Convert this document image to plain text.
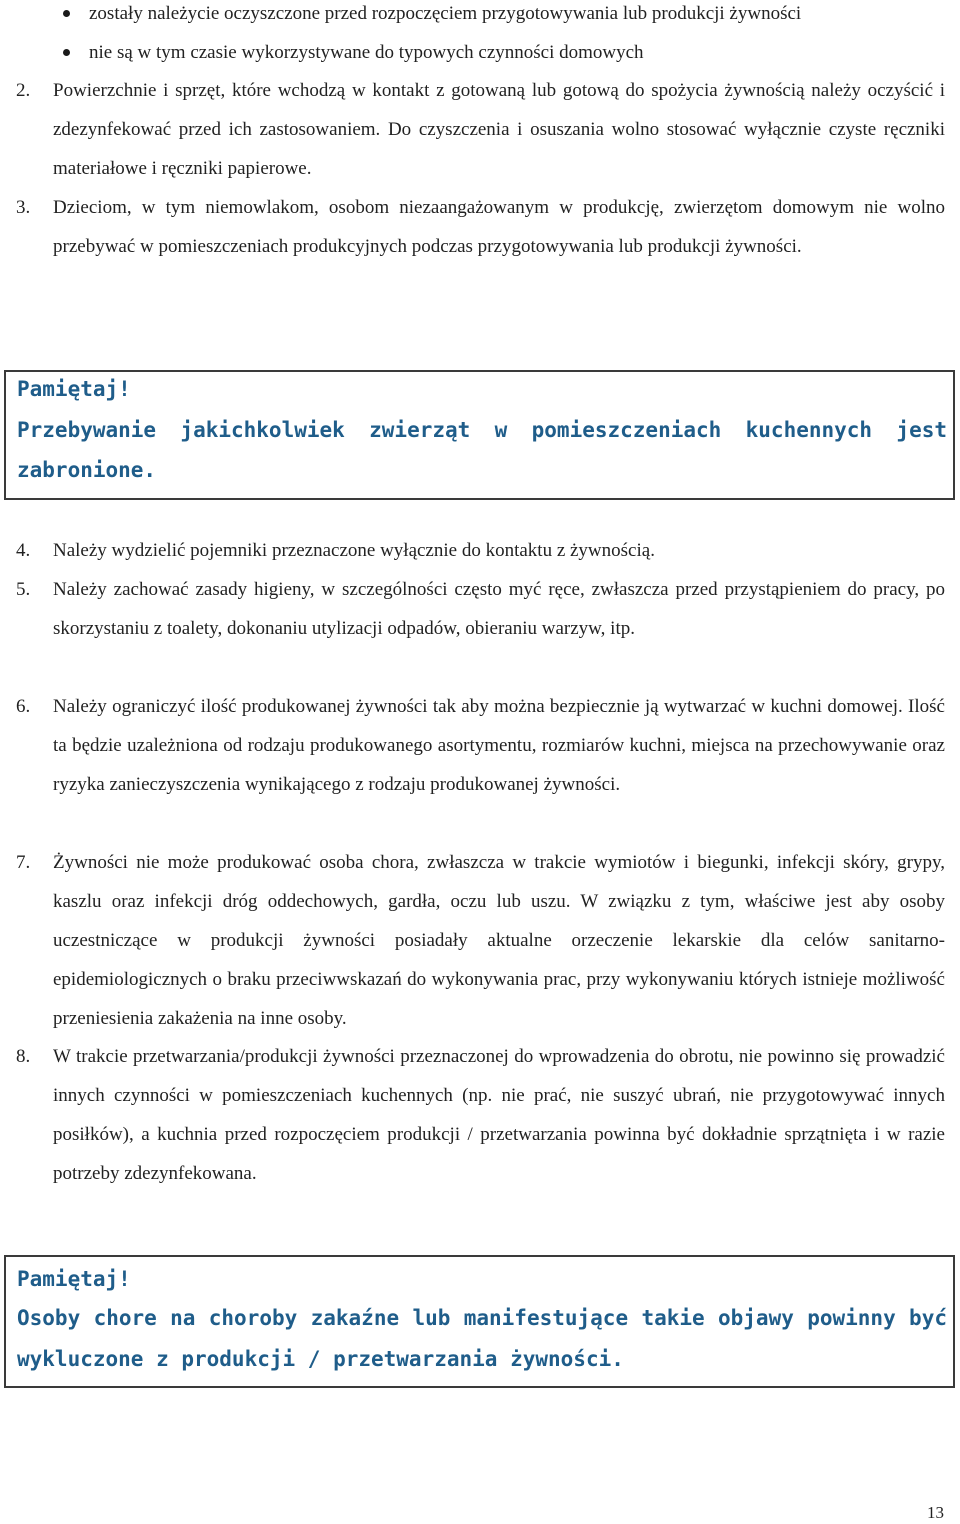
zostały należycie oczyszczone przed rozpoczęciem przygotowywania lub produkcji żywności
nie są w tym czasie wykorzystywane do typowych czynności domowych
2. Powierzchnie i sprzęt, które wchodzą w kontakt z gotowaną lub gotową do spożycia żywnością należy oczyścić i zdezynfekować przed ich zastosowaniem. Do czyszczenia i osuszania wolno stosować wyłącznie czyste ręczniki materiałowe i ręczniki papierowe.
3. Dzieciom, w tym niemowlakom, osobom niezaangażowanym w produkcję, zwierzętom domowym nie wolno przebywać w pomieszczeniach produkcyjnych podczas przygotowywania lub produkcji żywności.
Pamiętaj!
Przebywanie jakichkolwiek zwierząt w pomieszczeniach kuchennych jest zabronione.
4. Należy wydzielić pojemniki przeznaczone wyłącznie do kontaktu z żywnością.
5. Należy zachować zasady higieny, w szczególności często myć ręce, zwłaszcza przed przystąpieniem do pracy, po skorzystaniu z toalety, dokonaniu utylizacji odpadów, obieraniu warzyw, itp.
6. Należy ograniczyć ilość produkowanej żywności tak aby można bezpiecznie ją wytwarzać w kuchni domowej. Ilość ta będzie uzależniona od rodzaju produkowanego asortymentu, rozmiarów kuchni, miejsca na przechowywanie oraz ryzyka zanieczyszczenia wynikającego z rodzaju produkowanej żywności.
7. Żywności nie może produkować osoba chora, zwłaszcza w trakcie wymiotów i biegunki, infekcji skóry, grypy, kaszlu oraz infekcji dróg oddechowych, gardła, oczu lub uszu. W związku z tym, właściwe jest aby osoby uczestniczące w produkcji żywności posiadały aktualne orzeczenie lekarskie dla celów sanitarno- epidemiologicznych o braku przeciwwskazań do wykonywania prac, przy wykonywaniu których istnieje możliwość przeniesienia zakażenia na inne osoby.
8. W trakcie przetwarzania/produkcji żywności przeznaczonej do wprowadzenia do obrotu, nie powinno się prowadzić innych czynności w pomieszczeniach kuchennych (np. nie prać, nie suszyć ubrań, nie przygotowywać innych posiłków), a kuchnia przed rozpoczęciem produkcji / przetwarzania powinna być dokładnie sprzątnięta i w razie potrzeby zdezynfekowana.
Pamiętaj!
Osoby chore na choroby zakaźne lub manifestujące takie objawy powinny być wykluczone z produkcji / przetwarzania żywności.
13
